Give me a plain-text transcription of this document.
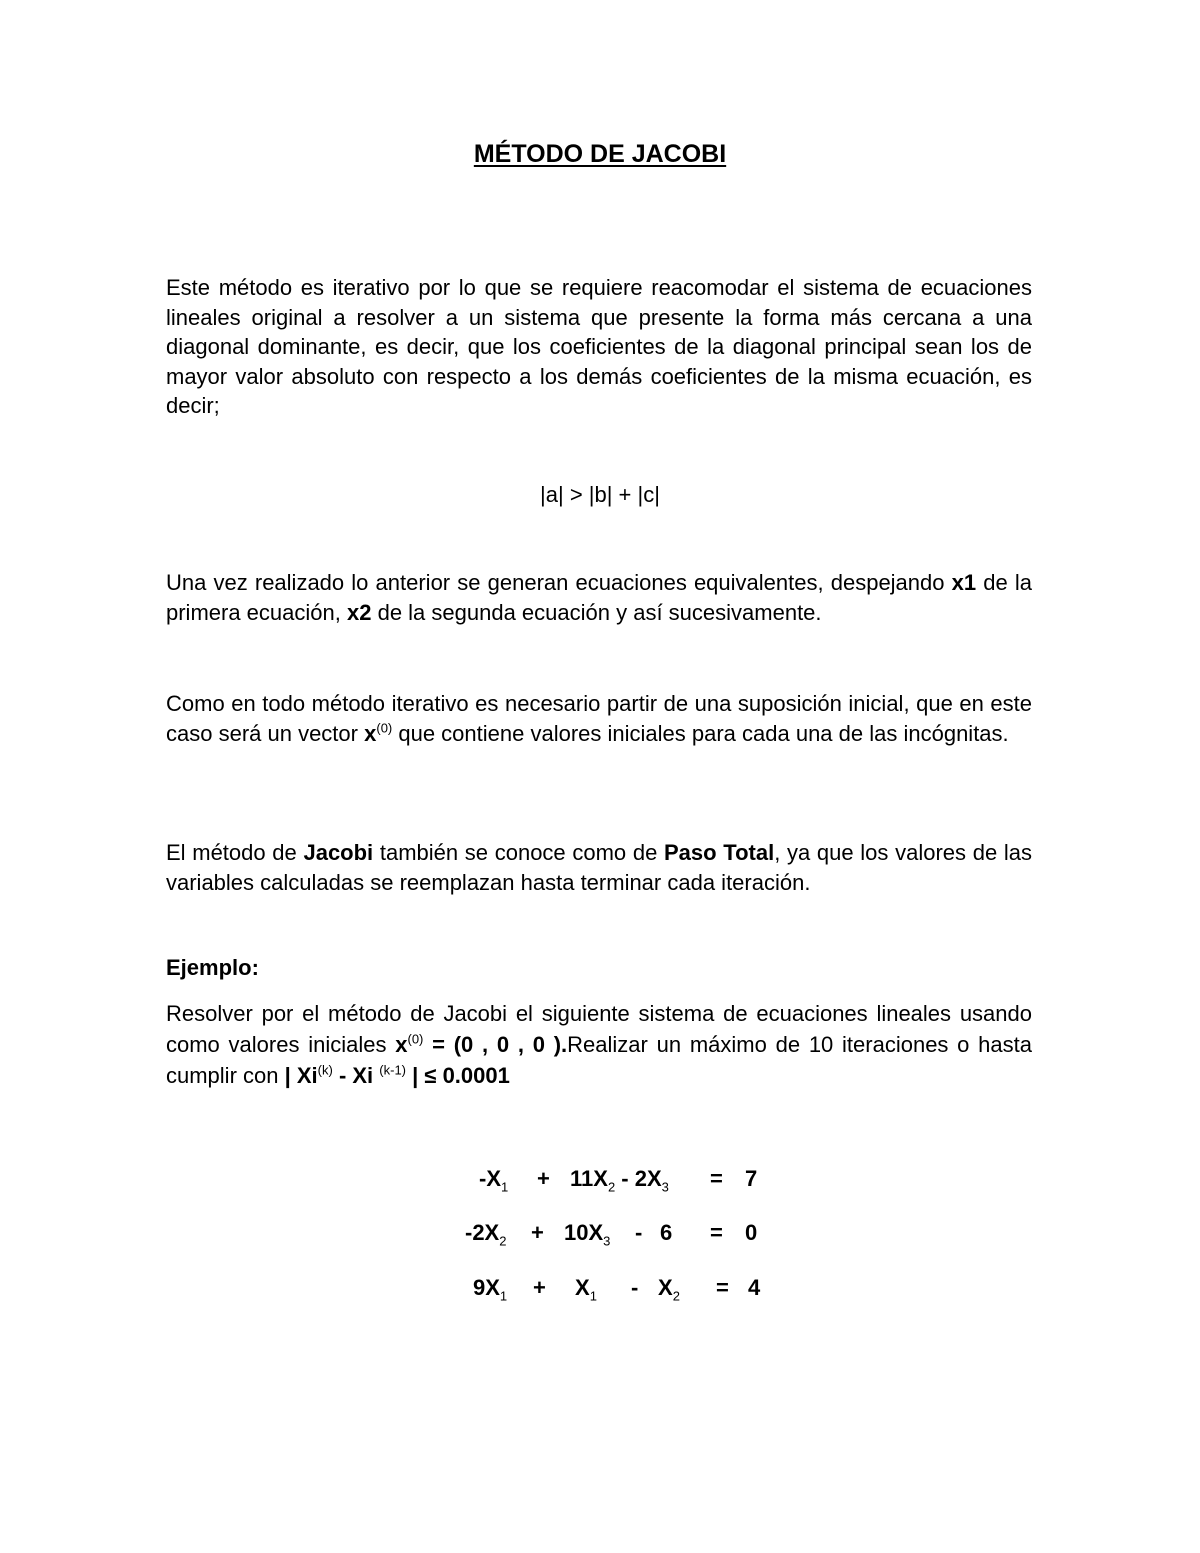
MÉTODO DE JACOBI
Este método es iterativo por lo que se requiere reacomodar el sistema de ecuaciones lineales original a resolver a un sistema que presente la forma más cercana a una diagonal dominante, es decir, que los coeficientes de la diagonal principal sean los de mayor valor absoluto con respecto a los demás coeficientes de la misma ecuación, es decir;
|a| > |b| + |c|
Una vez realizado lo anterior se generan ecuaciones equivalentes, despejando x1 de la primera ecuación, x2 de la segunda ecuación y así sucesivamente.
Como en todo método iterativo es necesario partir de una suposición inicial, que en este caso será un vector $x^{(0)}$ que contiene valores iniciales para cada una de las incógnitas.
El método de Jacobi también se conoce como de Paso Total, ya que los valores de las variables calculadas se reemplazan hasta terminar cada iteración.
Ejemplo:
Resolver por el método de Jacobi el siguiente sistema de ecuaciones lineales usando como valores iniciales $x^{(0)} = (0$ , 0 , 0 ).Realizar un máximo de 10 iteraciones o hasta cumplir con | Xi$^{(k)}$ - Xi $^{(k-1)}$ | ≤ 0.0001
$-X_1 + 11X_2 - 2X_3 = 7$
$-2X_2 + 10X_3 - 6 = 0$
$9X_1 + X_1 - X_2 = 4$
